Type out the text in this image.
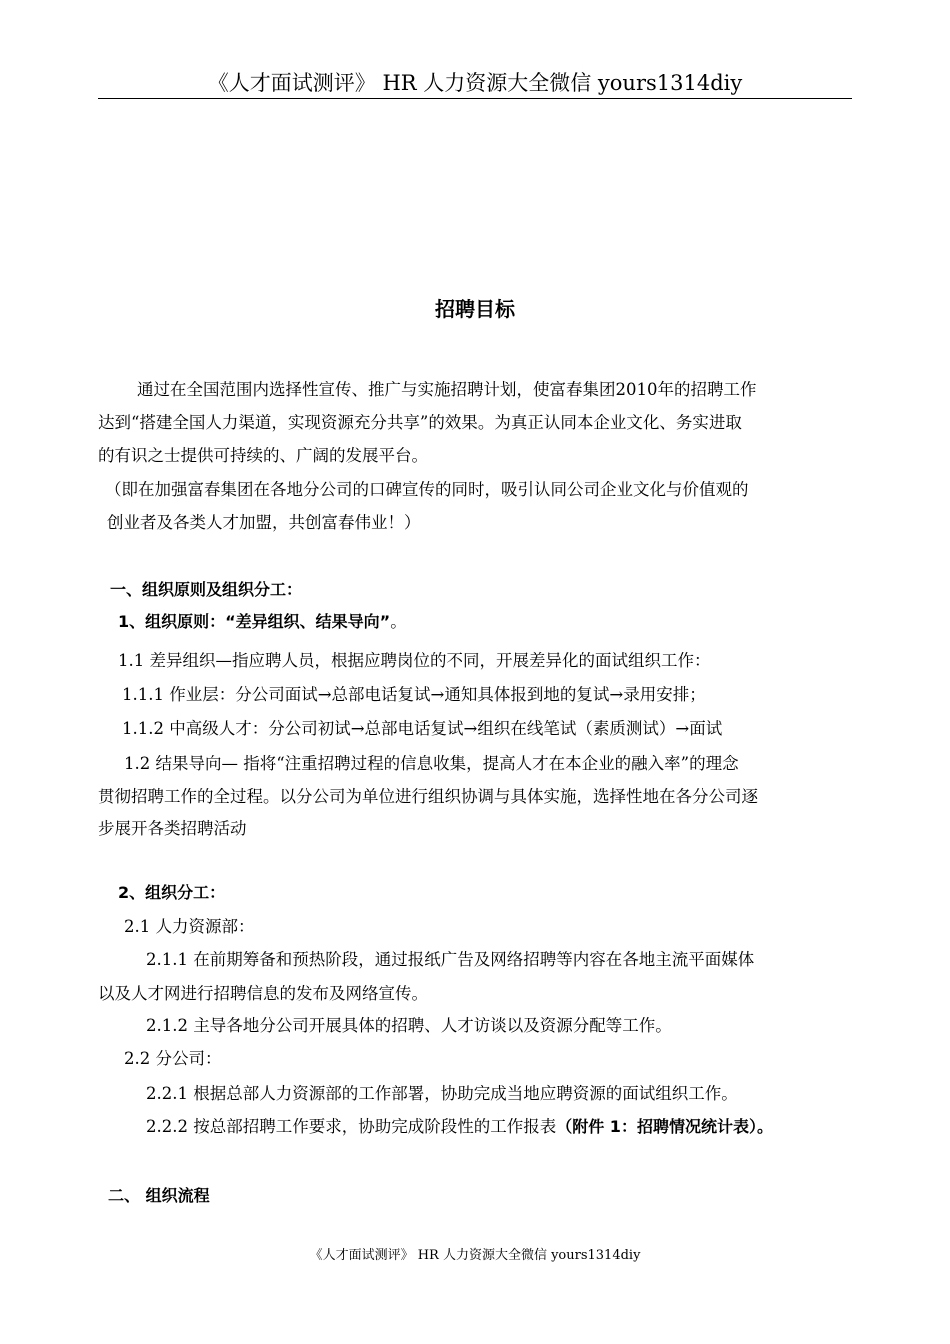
《人才面试测评》 HR 人力资源大全微信 yours1314diy
招聘目标
通过在全国范围内选择性宣传、推广与实施招聘计划，使富春集团2010年的招聘工作
达到“搭建全国人力渠道，实现资源充分共享”的效果。为真正认同本企业文化、务实进取
的有识之士提供可持续的、广阔的发展平台。
（即在加强富春集团在各地分公司的口碑宣传的同时，吸引认同公司企业文化与价值观的
创业者及各类人才加盟，共创富春伟业！）
一、组织原则及组织分工：
1、组织原则：“差异组织、结果导向”。
1.1 差异组织—指应聘人员，根据应聘岗位的不同，开展差异化的面试组织工作：
1.1.1 作业层：分公司面试→总部电话复试→通知具体报到地的复试→录用安排；
1.1.2 中高级人才：分公司初试→总部电话复试→组织在线笔试（素质测试）→面试
1.2 结果导向— 指将“注重招聘过程的信息收集，提高人才在本企业的融入率”的理念
贯彻招聘工作的全过程。以分公司为单位进行组织协调与具体实施，选择性地在各分公司逐
步展开各类招聘活动
2、组织分工：
2.1 人力资源部：
2.1.1 在前期筹备和预热阶段，通过报纸广告及网络招聘等内容在各地主流平面媒体
以及人才网进行招聘信息的发布及网络宣传。
2.1.2 主导各地分公司开展具体的招聘、人才访谈以及资源分配等工作。
2.2 分公司：
2.2.1 根据总部人力资源部的工作部署，协助完成当地应聘资源的面试组织工作。
2.2.2 按总部招聘工作要求，协助完成阶段性的工作报表（附件 1：招聘情况统计表）。
二、 组织流程
《人才面试测评》 HR 人力资源大全微信 yours1314diy
